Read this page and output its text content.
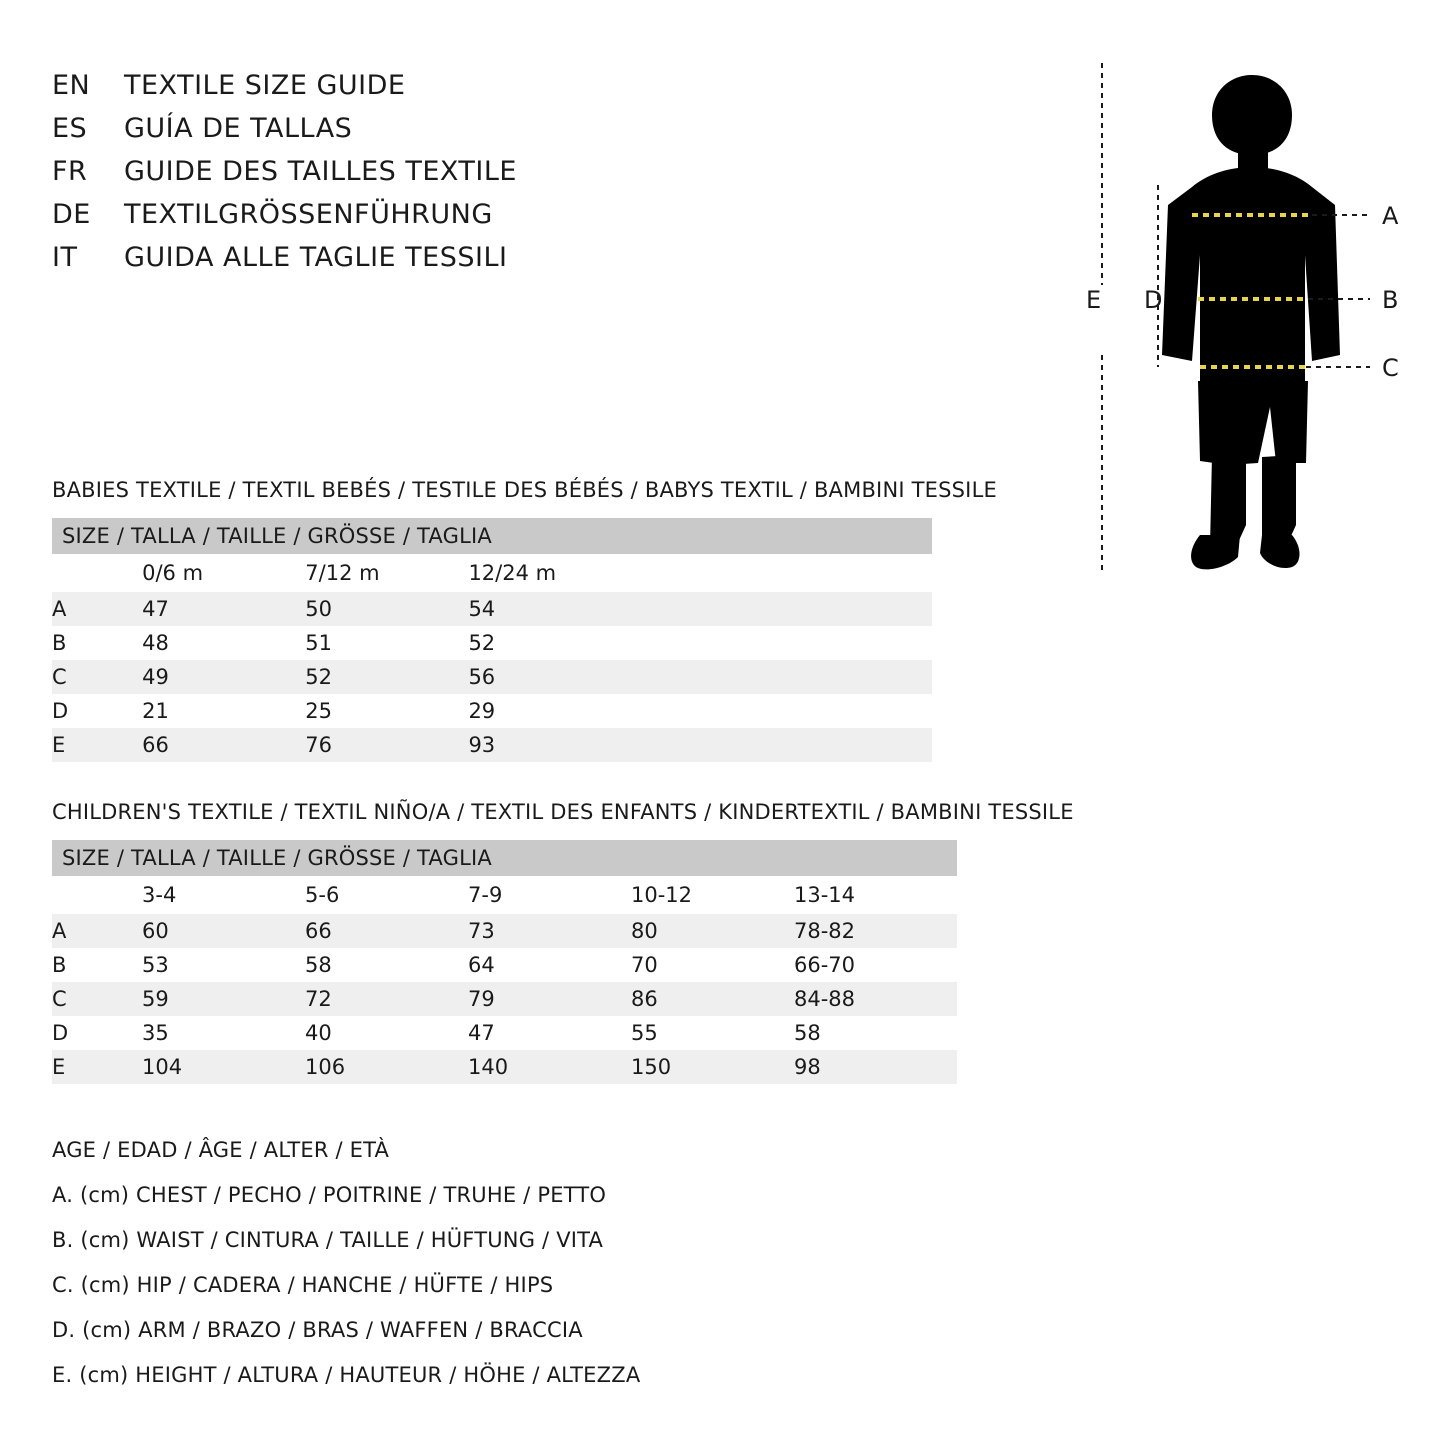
EN	TEXTILE SIZE GUIDE
ES	GUÍA DE TALLAS
FR	GUIDE DES TAILLES TEXTILE
DE	TEXTILGRÖSSENFÜHRUNG
IT	GUIDA ALLE TAGLIE TESSILI
BABIES TEXTILE / TEXTIL BEBÉS / TESTILE DES BÉBÉS / BABYS TEXTIL / BAMBINI TESSILE
SIZE / TALLA / TAILLE / GRÖSSE / TAGLIA				
	0/6 m	7/12 m	12/24 m	
A	47	50	54	
B	48	51	52	
C	49	52	56	
D	21	25	29	
E	66	76	93	
CHILDREN'S TEXTILE / TEXTIL NIÑO/A / TEXTIL DES ENFANTS / KINDERTEXTIL / BAMBINI TESSILE
SIZE / TALLA / TAILLE / GRÖSSE / TAGLIA					
	3-4	5-6	7-9	10-12	13-14
A	60	66	73	80	78-82
B	53	58	64	70	66-70
C	59	72	79	86	84-88
D	35	40	47	55	58
E	104	106	140	150	98
AGE / EDAD / ÂGE / ALTER / ETÀ
A. (cm) CHEST / PECHO / POITRINE / TRUHE / PETTO
B. (cm) WAIST / CINTURA / TAILLE / HÜFTUNG / VITA
C. (cm) HIP / CADERA / HANCHE / HÜFTE / HIPS
D. (cm) ARM / BRAZO / BRAS / WAFFEN / BRACCIA
E. (cm) HEIGHT / ALTURA / HAUTEUR / HÖHE / ALTEZZA
A
B
C
D
E
